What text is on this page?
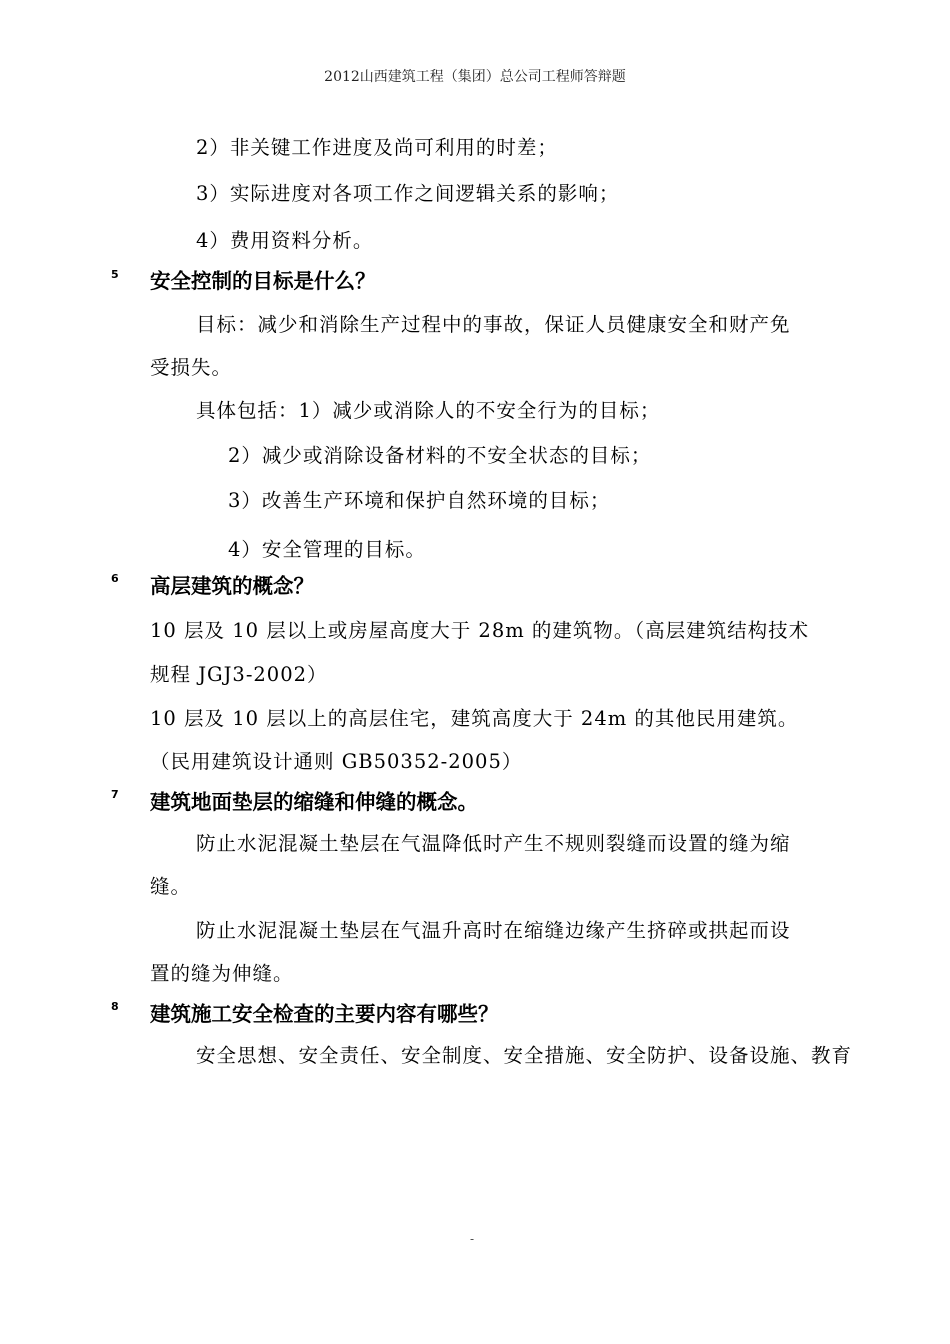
2012山西建筑工程（集团）总公司工程师答辩题
2）非关键工作进度及尚可利用的时差；
3）实际进度对各项工作之间逻辑关系的影响；
4）费用资料分析。
5 安全控制的目标是什么？
目标：减少和消除生产过程中的事故，保证人员健康安全和财产免
受损失。
具体包括：1）减少或消除人的不安全行为的目标；
2）减少或消除设备材料的不安全状态的目标；
3）改善生产环境和保护自然环境的目标；
4）安全管理的目标。
6 高层建筑的概念？
10 层及 10 层以上或房屋高度大于 28m 的建筑物。（高层建筑结构技术
规程 JGJ3-2002）
10 层及 10 层以上的高层住宅，建筑高度大于 24m 的其他民用建筑。
（民用建筑设计通则 GB50352-2005）
7 建筑地面垫层的缩缝和伸缝的概念。
防止水泥混凝土垫层在气温降低时产生不规则裂缝而设置的缝为缩
缝。
防止水泥混凝土垫层在气温升高时在缩缝边缘产生挤碎或拱起而设
置的缝为伸缝。
8 建筑施工安全检查的主要内容有哪些？
安全思想、安全责任、安全制度、安全措施、安全防护、设备设施、教育
-
